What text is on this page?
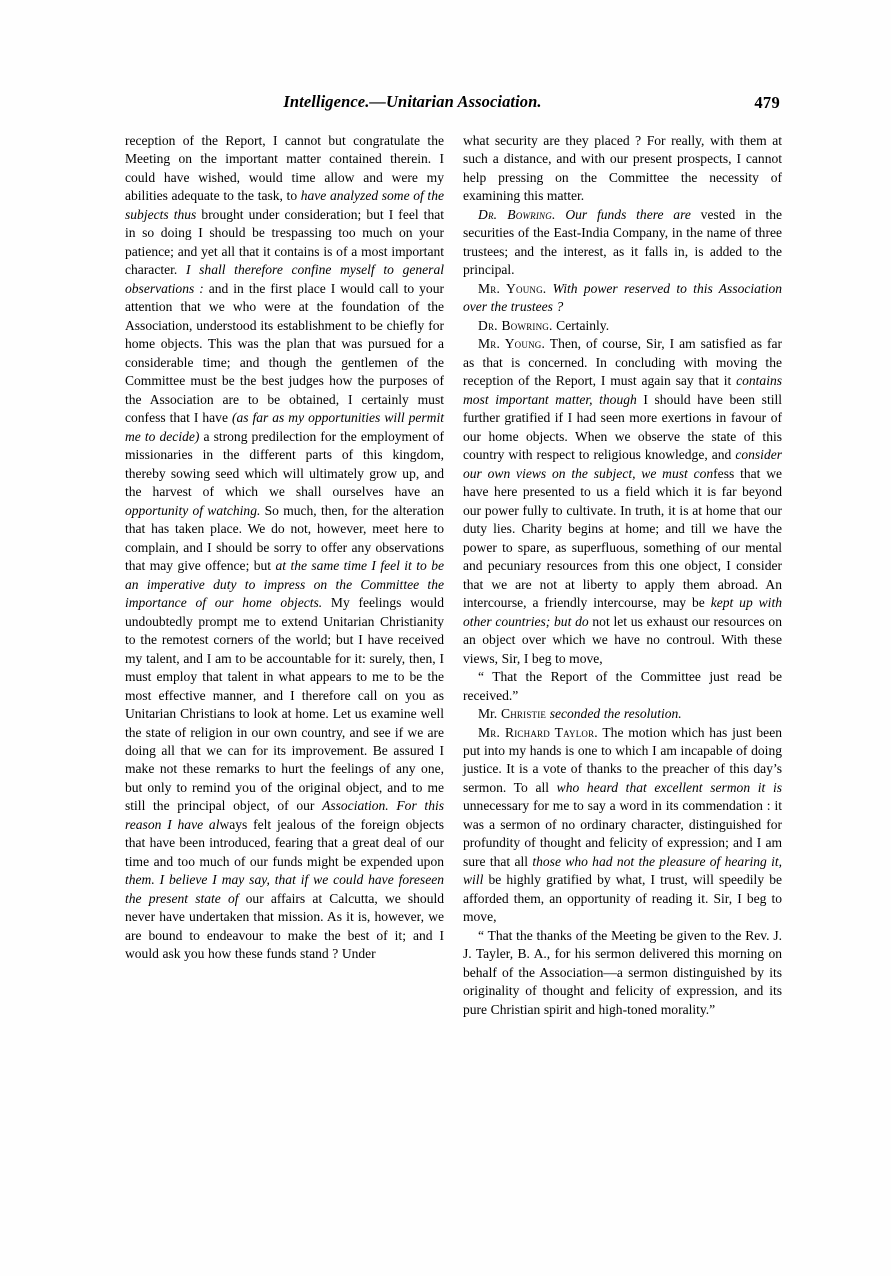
Intelligence.—Unitarian Association.	479

reception of the Report, I cannot but congratulate the Meeting on the important matter contained therein. I could have wished, would time allow and were my abilities adequate to the task, to have analyzed some of the subjects thus brought under consideration; but I feel that in so doing I should be trespassing too much on your patience; and yet all that it contains is of a most important character. I shall therefore confine myself to general observations : and in the first place I would call to your attention that we who were at the foundation of the Association, understood its establishment to be chiefly for home objects. This was the plan that was pursued for a considerable time; and though the gentlemen of the Committee must be the best judges how the purposes of the Association are to be obtained, I certainly must confess that I have (as far as my opportunities will permit me to decide) a strong predilection for the employment of missionaries in the different parts of this kingdom, thereby sowing seed which will ultimately grow up, and the harvest of which we shall ourselves have an opportunity of watching. So much, then, for the alteration that has taken place. We do not, however, meet here to complain, and I should be sorry to offer any observations that may give offence; but at the same time I feel it to be an imperative duty to impress on the Committee the importance of our home objects. My feelings would undoubtedly prompt me to extend Unitarian Christianity to the remotest corners of the world; but I have received my talent, and I am to be accountable for it: surely, then, I must employ that talent in what appears to me to be the most effective manner, and I therefore call on you as Unitarian Christians to look at home. Let us examine well the state of religion in our own country, and see if we are doing all that we can for its improvement. Be assured I make not these remarks to hurt the feelings of any one, but only to remind you of the original object, and to me still the principal object, of our Association. For this reason I have always felt jealous of the foreign objects that have been introduced, fearing that a great deal of our time and too much of our funds might be expended upon them. I believe I may say, that if we could have foreseen the present state of our affairs at Calcutta, we should never have undertaken that mission. As it is, however, we are bound to endeavour to make the best of it; and I would ask you how these funds stand ? Under

what security are they placed ? For really, with them at such a distance, and with our present prospects, I cannot help pressing on the Committee the necessity of examining this matter.

Dr. Bowring. Our funds there are vested in the securities of the East-India Company, in the name of three trustees; and the interest, as it falls in, is added to the principal.

Mr. Young. With power reserved to this Association over the trustees ?

Dr. Bowring. Certainly.

Mr. Young. Then, of course, Sir, I am satisfied as far as that is concerned. In concluding with moving the reception of the Report, I must again say that it contains most important matter, though I should have been still further gratified if I had seen more exertions in favour of our home objects. When we observe the state of this country with respect to religious knowledge, and consider our own views on the subject, we must confess that we have here presented to us a field which it is far beyond our power fully to cultivate. In truth, it is at home that our duty lies. Charity begins at home; and till we have the power to spare, as superfluous, something of our mental and pecuniary resources from this one object, I consider that we are not at liberty to apply them abroad. An intercourse, a friendly intercourse, may be kept up with other countries; but do not let us exhaust our resources on an object over which we have no controul. With these views, Sir, I beg to move,

“ That the Report of the Committee just read be received.”

Mr. Christie seconded the resolution.

Mr. Richard Taylor. The motion which has just been put into my hands is one to which I am incapable of doing justice. It is a vote of thanks to the preacher of this day’s sermon. To all who heard that excellent sermon it is unnecessary for me to say a word in its commendation : it was a sermon of no ordinary character, distinguished for profundity of thought and felicity of expression; and I am sure that all those who had not the pleasure of hearing it, will be highly gratified by what, I trust, will speedily be afforded them, an opportunity of reading it. Sir, I beg to move,

“ That the thanks of the Meeting be given to the Rev. J. J. Tayler, B. A., for his sermon delivered this morning on behalf of the Association—a sermon distinguished by its originality of thought and felicity of expression, and its pure Christian spirit and high-toned morality.”
